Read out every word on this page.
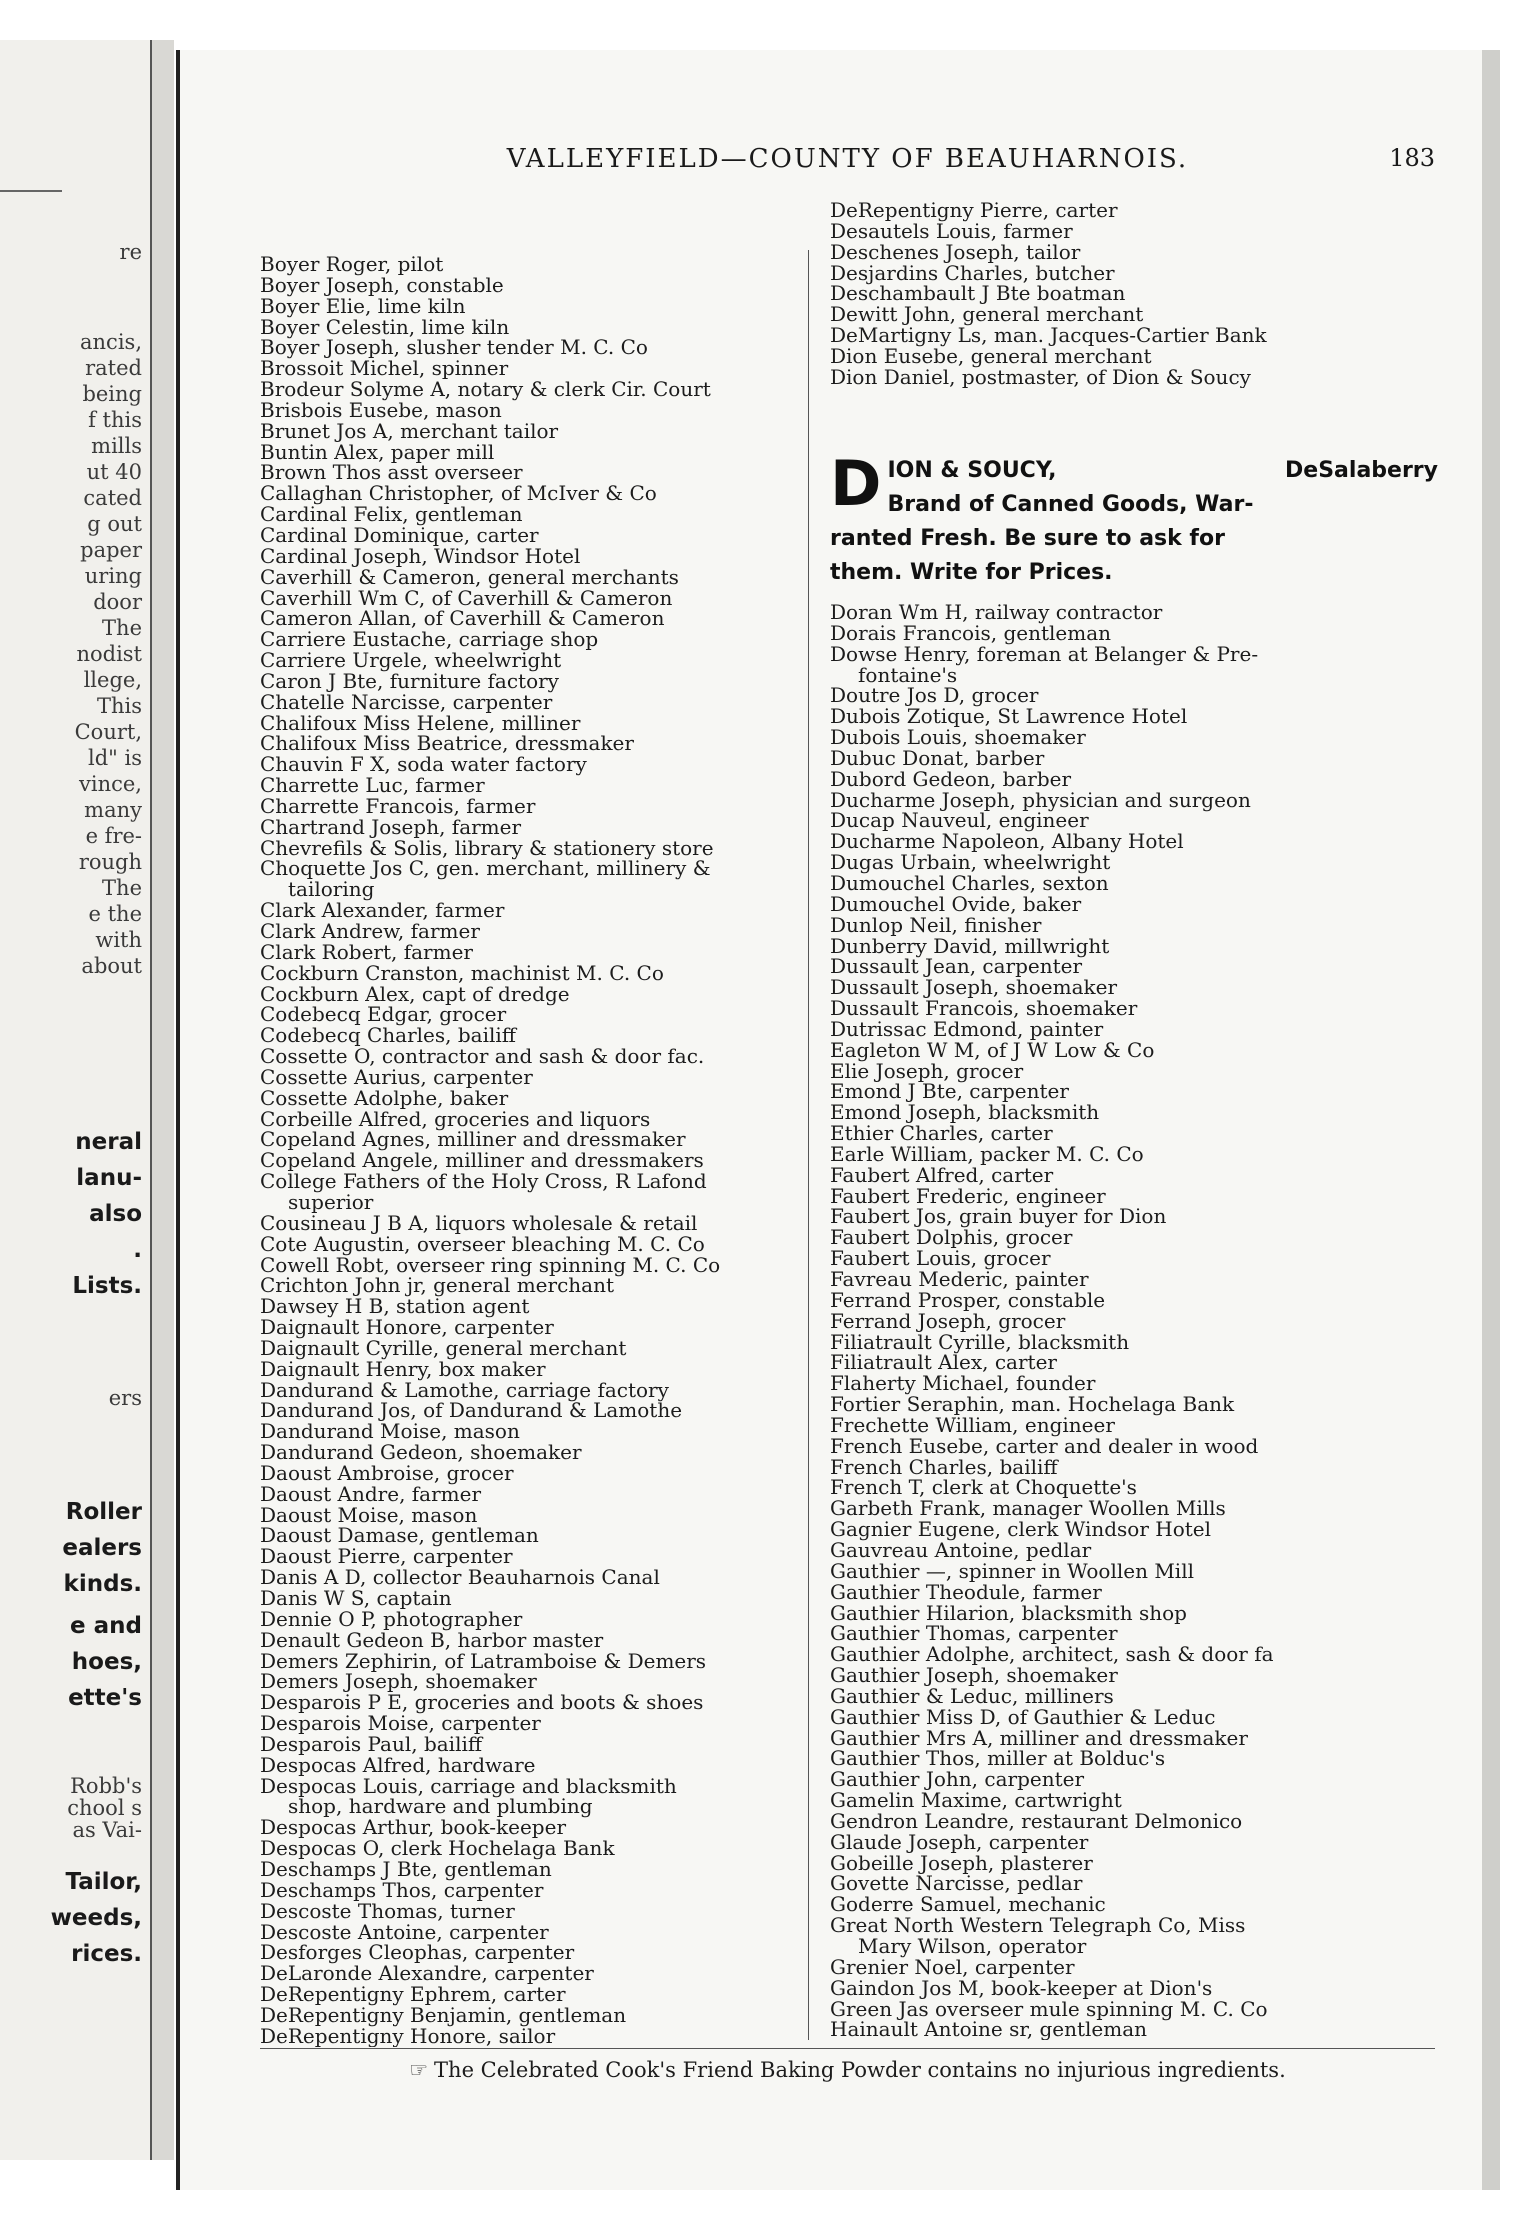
re
ancis,
rated
being
f this
mills
ut 40
cated
g out
paper
uring
door
The
nodist
llege,
This
Court,
ld" is
vince,
many
e fre-
rough
The
e the
with
about
neral
lanu-
also
.
Lists.
ers
Roller
ealers
kinds.
e and
hoes,
ette's
Robb's
chool s
as Vai-
Tailor,
weeds,
rices.
VALLEYFIELD—COUNTY OF BEAUHARNOIS.	183
Boyer Roger, pilot
Boyer Joseph, constable
Boyer Elie, lime kiln
Boyer Celestin, lime kiln
Boyer Joseph, slusher tender M. C. Co
Brossoit Michel, spinner
Brodeur Solyme A, notary & clerk Cir. Court
Brisbois Eusebe, mason
Brunet Jos A, merchant tailor
Buntin Alex, paper mill
Brown Thos asst overseer
Callaghan Christopher, of McIver & Co
Cardinal Felix, gentleman
Cardinal Dominique, carter
Cardinal Joseph, Windsor Hotel
Caverhill & Cameron, general merchants
Caverhill Wm C, of Caverhill & Cameron
Cameron Allan, of Caverhill & Cameron
Carriere Eustache, carriage shop
Carriere Urgele, wheelwright
Caron J Bte, furniture factory
Chatelle Narcisse, carpenter
Chalifoux Miss Helene, milliner
Chalifoux Miss Beatrice, dressmaker
Chauvin F X, soda water factory
Charrette Luc, farmer
Charrette Francois, farmer
Chartrand Joseph, farmer
Chevrefils & Solis, library & stationery store
Choquette Jos C, gen. merchant, millinery &
tailoring
Clark Alexander, farmer
Clark Andrew, farmer
Clark Robert, farmer
Cockburn Cranston, machinist M. C. Co
Cockburn Alex, capt of dredge
Codebecq Edgar, grocer
Codebecq Charles, bailiff
Cossette O, contractor and sash & door fac.
Cossette Aurius, carpenter
Cossette Adolphe, baker
Corbeille Alfred, groceries and liquors
Copeland Agnes, milliner and dressmaker
Copeland Angele, milliner and dressmakers
College Fathers of the Holy Cross, R Lafond
superior
Cousineau J B A, liquors wholesale & retail
Cote Augustin, overseer bleaching M. C. Co
Cowell Robt, overseer ring spinning M. C. Co
Crichton John jr, general merchant
Dawsey H B, station agent
Daignault Honore, carpenter
Daignault Cyrille, general merchant
Daignault Henry, box maker
Dandurand & Lamothe, carriage factory
Dandurand Jos, of Dandurand & Lamothe
Dandurand Moise, mason
Dandurand Gedeon, shoemaker
Daoust Ambroise, grocer
Daoust Andre, farmer
Daoust Moise, mason
Daoust Damase, gentleman
Daoust Pierre, carpenter
Danis A D, collector Beauharnois Canal
Danis W S, captain
Dennie O P, photographer
Denault Gedeon B, harbor master
Demers Zephirin, of Latramboise & Demers
Demers Joseph, shoemaker
Desparois P E, groceries and boots & shoes
Desparois Moise, carpenter
Desparois Paul, bailiff
Despocas Alfred, hardware
Despocas Louis, carriage and blacksmith
shop, hardware and plumbing
Despocas Arthur, book-keeper
Despocas O, clerk Hochelaga Bank
Deschamps J Bte, gentleman
Deschamps Thos, carpenter
Descoste Thomas, turner
Descoste Antoine, carpenter
Desforges Cleophas, carpenter
DeLaronde Alexandre, carpenter
DeRepentigny Ephrem, carter
DeRepentigny Benjamin, gentleman
DeRepentigny Honore, sailor
DeRepentigny Pierre, carter
Desautels Louis, farmer
Deschenes Joseph, tailor
Desjardins Charles, butcher
Deschambault J Bte boatman
Dewitt John, general merchant
DeMartigny Ls, man. Jacques-Cartier Bank
Dion Eusebe, general merchant
Dion Daniel, postmaster, of Dion & Soucy
D ION & SOUCY,	DeSalaberry
Brand of Canned Goods, War-
ranted Fresh. Be sure to ask for
them. Write for Prices.
Doran Wm H, railway contractor
Dorais Francois, gentleman
Dowse Henry, foreman at Belanger & Pre-
fontaine's
Doutre Jos D, grocer
Dubois Zotique, St Lawrence Hotel
Dubois Louis, shoemaker
Dubuc Donat, barber
Dubord Gedeon, barber
Ducharme Joseph, physician and surgeon
Ducap Nauveul, engineer
Ducharme Napoleon, Albany Hotel
Dugas Urbain, wheelwright
Dumouchel Charles, sexton
Dumouchel Ovide, baker
Dunlop Neil, finisher
Dunberry David, millwright
Dussault Jean, carpenter
Dussault Joseph, shoemaker
Dussault Francois, shoemaker
Dutrissac Edmond, painter
Eagleton W M, of J W Low & Co
Elie Joseph, grocer
Emond J Bte, carpenter
Emond Joseph, blacksmith
Ethier Charles, carter
Earle William, packer M. C. Co
Faubert Alfred, carter
Faubert Frederic, engineer
Faubert Jos, grain buyer for Dion
Faubert Dolphis, grocer
Faubert Louis, grocer
Favreau Mederic, painter
Ferrand Prosper, constable
Ferrand Joseph, grocer
Filiatrault Cyrille, blacksmith
Filiatrault Alex, carter
Flaherty Michael, founder
Fortier Seraphin, man. Hochelaga Bank
Frechette William, engineer
French Eusebe, carter and dealer in wood
French Charles, bailiff
French T, clerk at Choquette's
Garbeth Frank, manager Woollen Mills
Gagnier Eugene, clerk Windsor Hotel
Gauvreau Antoine, pedlar
Gauthier —, spinner in Woollen Mill
Gauthier Theodule, farmer
Gauthier Hilarion, blacksmith shop
Gauthier Thomas, carpenter
Gauthier Adolphe, architect, sash & door fa
Gauthier Joseph, shoemaker
Gauthier & Leduc, milliners
Gauthier Miss D, of Gauthier & Leduc
Gauthier Mrs A, milliner and dressmaker
Gauthier Thos, miller at Bolduc's
Gauthier John, carpenter
Gamelin Maxime, cartwright
Gendron Leandre, restaurant Delmonico
Glaude Joseph, carpenter
Gobeille Joseph, plasterer
Govette Narcisse, pedlar
Goderre Samuel, mechanic
Great North Western Telegraph Co, Miss
Mary Wilson, operator
Grenier Noel, carpenter
Gaindon Jos M, book-keeper at Dion's
Green Jas overseer mule spinning M. C. Co
Hainault Antoine sr, gentleman
☞ The Celebrated Cook's Friend Baking Powder contains no injurious ingredients.
